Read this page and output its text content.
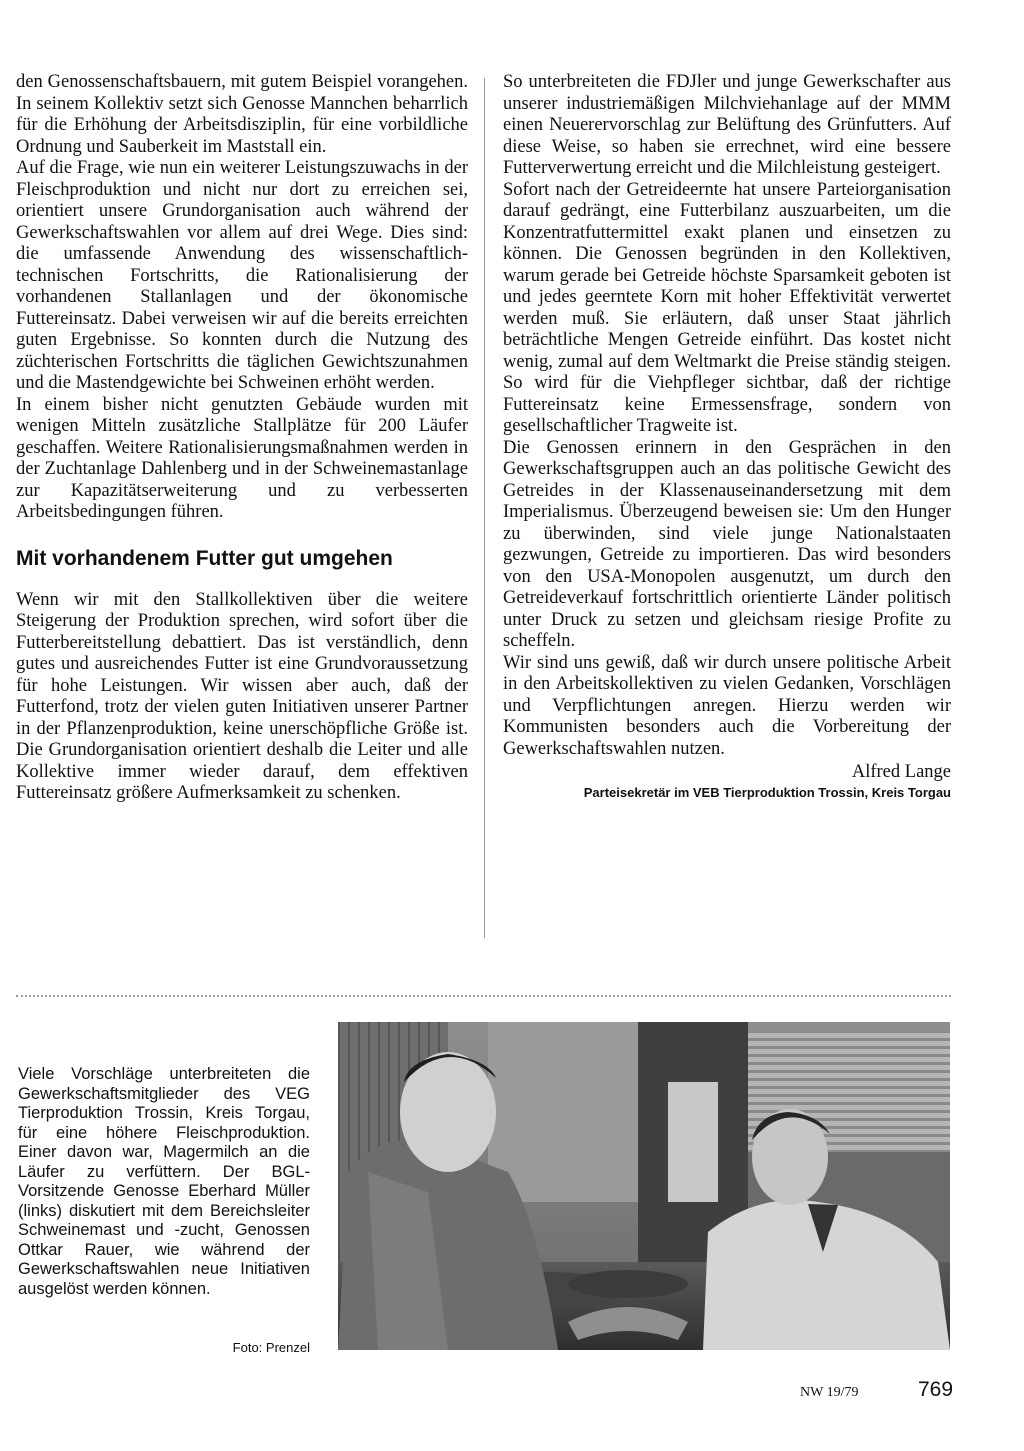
den Genossenschaftsbauern, mit gutem Beispiel vorangehen. In seinem Kollektiv setzt sich Genosse Mannchen beharrlich für die Erhöhung der Arbeitsdisziplin, für eine vorbildliche Ordnung und Sauberkeit im Maststall ein.

Auf die Frage, wie nun ein weiterer Leistungszuwachs in der Fleischproduktion und nicht nur dort zu erreichen sei, orientiert unsere Grundorganisation auch während der Gewerkschaftswahlen vor allem auf drei Wege. Dies sind: die umfassende Anwendung des wissenschaftlich-technischen Fortschritts, die Rationalisierung der vorhandenen Stallanlagen und der ökonomische Futtereinsatz. Dabei verweisen wir auf die bereits erreichten guten Ergebnisse. So konnten durch die Nutzung des züchterischen Fortschritts die täglichen Gewichtszunahmen und die Mastendgewichte bei Schweinen erhöht werden.

In einem bisher nicht genutzten Gebäude wurden mit wenigen Mitteln zusätzliche Stallplätze für 200 Läufer geschaffen. Weitere Rationalisierungsmaßnahmen werden in der Zuchtanlage Dahlenberg und in der Schweinemastanlage zur Kapazitätserweiterung und zu verbesserten Arbeitsbedingungen führen.

Mit vorhandenem Futter gut umgehen

Wenn wir mit den Stallkollektiven über die weitere Steigerung der Produktion sprechen, wird sofort über die Futterbereitstellung debattiert. Das ist verständlich, denn gutes und ausreichendes Futter ist eine Grundvoraussetzung für hohe Leistungen. Wir wissen aber auch, daß der Futterfond, trotz der vielen guten Initiativen unserer Partner in der Pflanzenproduktion, keine unerschöpfliche Größe ist. Die Grundorganisation orientiert deshalb die Leiter und alle Kollektive immer wieder darauf, dem effektiven Futtereinsatz größere Aufmerksamkeit zu schenken.

So unterbreiteten die FDJler und junge Gewerkschafter aus unserer industriemäßigen Milchviehanlage auf der MMM einen Neuerervorschlag zur Belüftung des Grünfutters. Auf diese Weise, so haben sie errechnet, wird eine bessere Futterverwertung erreicht und die Milchleistung gesteigert.

Sofort nach der Getreideernte hat unsere Parteiorganisation darauf gedrängt, eine Futterbilanz auszuarbeiten, um die Konzentratfuttermittel exakt planen und einsetzen zu können. Die Genossen begründen in den Kollektiven, warum gerade bei Getreide höchste Sparsamkeit geboten ist und jedes geerntete Korn mit hoher Effektivität verwertet werden muß. Sie erläutern, daß unser Staat jährlich beträchtliche Mengen Getreide einführt. Das kostet nicht wenig, zumal auf dem Weltmarkt die Preise ständig steigen. So wird für die Viehpfleger sichtbar, daß der richtige Futtereinsatz keine Ermessensfrage, sondern von gesellschaftlicher Tragweite ist.

Die Genossen erinnern in den Gesprächen in den Gewerkschaftsgruppen auch an das politische Gewicht des Getreides in der Klassenauseinandersetzung mit dem Imperialismus. Überzeugend beweisen sie: Um den Hunger zu überwinden, sind viele junge Nationalstaaten gezwungen, Getreide zu importieren. Das wird besonders von den USA-Monopolen ausgenutzt, um durch den Getreideverkauf fortschrittlich orientierte Länder politisch unter Druck zu setzen und gleichsam riesige Profite zu scheffeln.

Wir sind uns gewiß, daß wir durch unsere politische Arbeit in den Arbeitskollektiven zu vielen Gedanken, Vorschlägen und Verpflichtungen anregen. Hierzu werden wir Kommunisten besonders auch die Vorbereitung der Gewerkschaftswahlen nutzen.

Alfred Lange

Parteisekretär im VEB Tierproduktion Trossin, Kreis Torgau

Viele Vorschläge unterbreiteten die Gewerkschaftsmitglieder des VEG Tierproduktion Trossin, Kreis Torgau, für eine höhere Fleischproduktion. Einer davon war, Magermilch an die Läufer zu verfüttern. Der BGL-Vorsitzende Genosse Eberhard Müller (links) diskutiert mit dem Bereichsleiter Schweinemast und -zucht, Genossen Ottkar Rauer, wie während der Gewerkschaftswahlen neue Initiativen ausgelöst werden können.
Foto: Prenzel
NW 19/79	769
